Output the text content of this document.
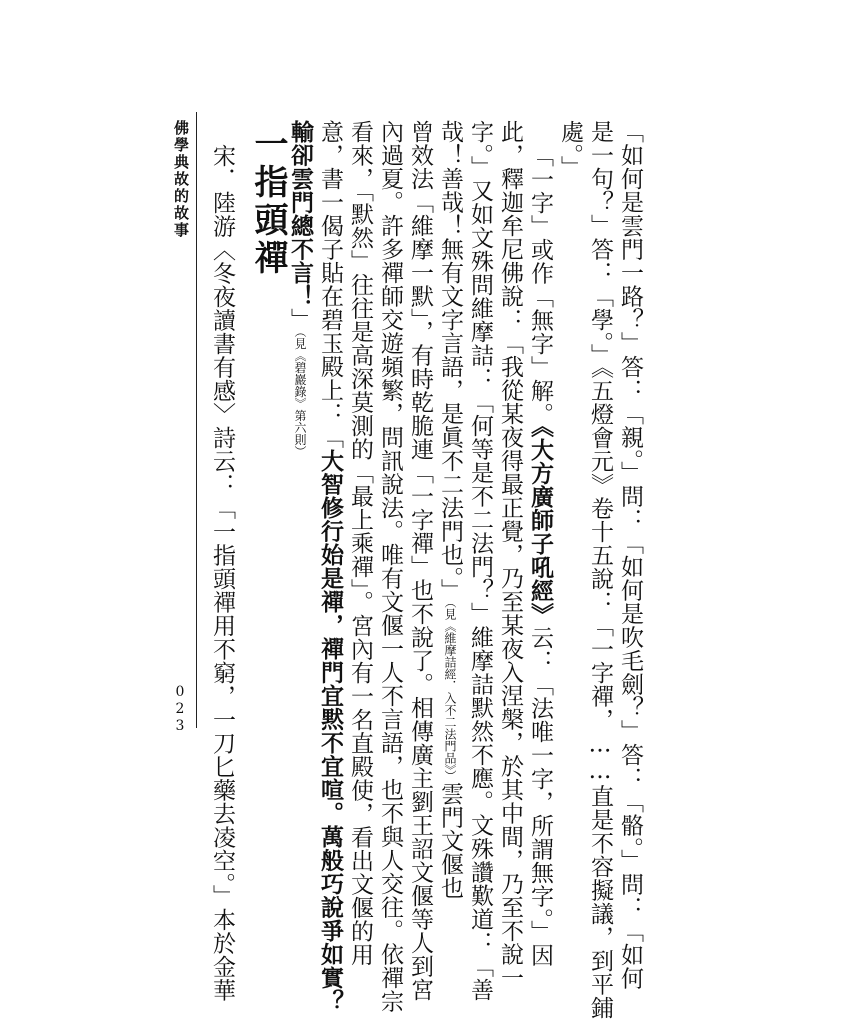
「如何是雲門一路？」答：「親。」問：「如何是吹毛劍？」答：「骼。」問：「如何
是一句？」答：「學。」《五燈會元》卷十五說：「一字禪，……直是不容擬議，到平鋪
處。」
「一字」或作「無字」解。《大方廣師子吼經》云：「法唯一字，所謂無字。」因
此，釋迦牟尼佛說：「我從某夜得最正覺，乃至某夜入涅槃，於其中間，乃至不說一
字。」又如文殊問維摩詰：「何等是不二法門？」維摩詰默然不應。文殊讚歎道：「善
哉！善哉！無有文字言語，是眞不二法門也。」（見《維摩詰經．入不二法門品》）雲門文偃也
曾效法「維摩一默」，有時乾脆連「一字禪」也不說了。相傳廣主劉王詔文偃等人到宮
內過夏。許多禪師交遊頻繁，問訊說法。唯有文偃一人不言語，也不與人交往。依禪宗
看來，「默然」往往是高深莫測的「最上乘禪」。宮內有一名直殿使，看出文偃的用
意，書一偈子貼在碧玉殿上：「大智修行始是禪，禪門宜黙不宜喧。萬般巧說爭如實？
輸卻雲門總不言！」（見《碧巖錄》第六則）
一指頭禪
宋．陸游〈冬夜讀書有感〉詩云：「一指頭禪用不窮，一刀匕藥去凌空。」本於金華
佛學典故的故事
023
